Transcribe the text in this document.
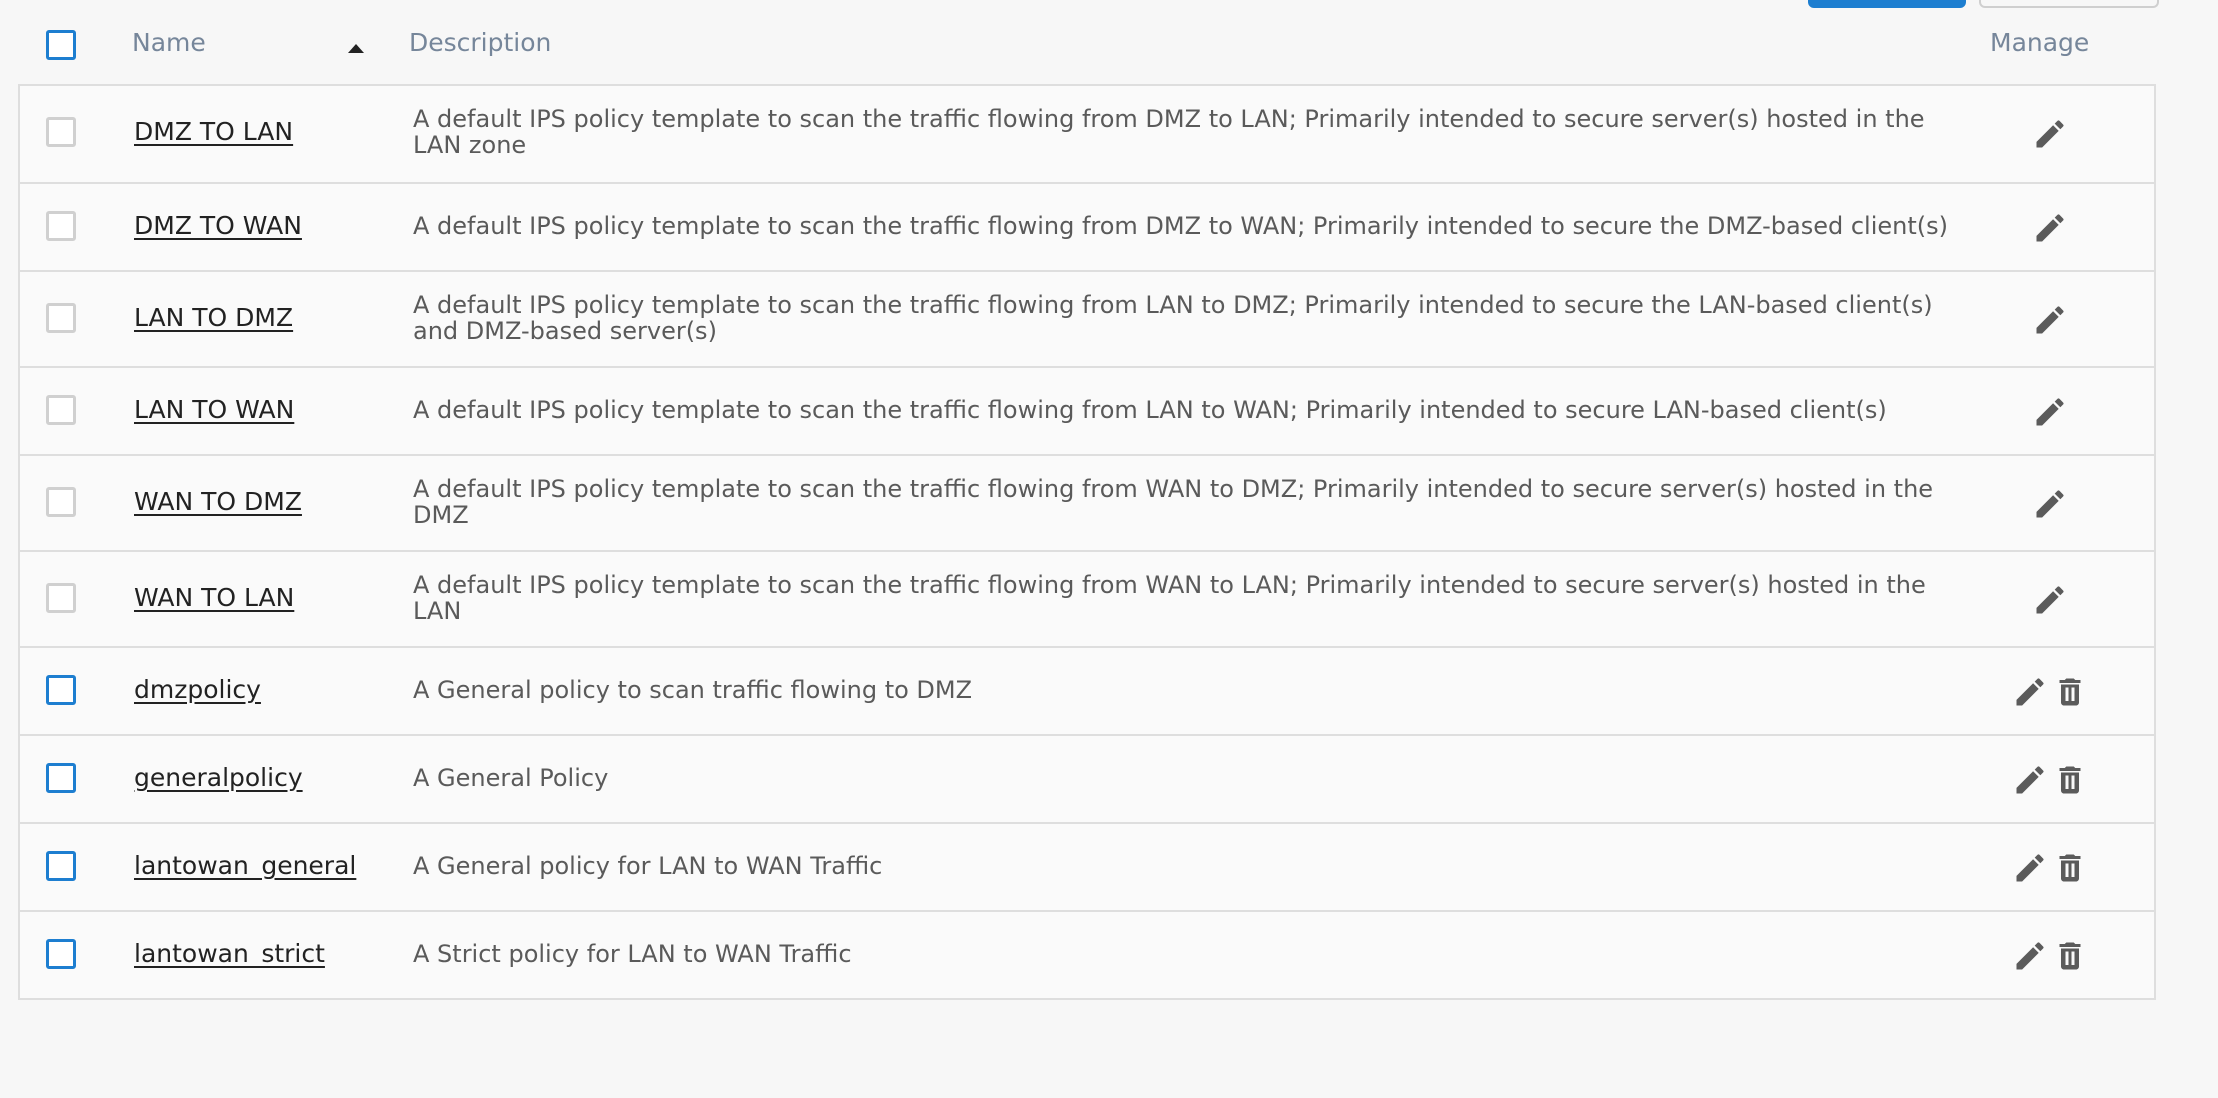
Name	Description	Manage
DMZ TO LAN	A default IPS policy template to scan the traffic flowing from DMZ to LAN; Primarily intended to secure server(s) hosted in the LAN zone
DMZ TO WAN	A default IPS policy template to scan the traffic flowing from DMZ to WAN; Primarily intended to secure the DMZ-based client(s)
LAN TO DMZ	A default IPS policy template to scan the traffic flowing from LAN to DMZ; Primarily intended to secure the LAN-based client(s) and DMZ-based server(s)
LAN TO WAN	A default IPS policy template to scan the traffic flowing from LAN to WAN; Primarily intended to secure LAN-based client(s)
WAN TO DMZ	A default IPS policy template to scan the traffic flowing from WAN to DMZ; Primarily intended to secure server(s) hosted in the DMZ
WAN TO LAN	A default IPS policy template to scan the traffic flowing from WAN to LAN; Primarily intended to secure server(s) hosted in the LAN
dmzpolicy	A General policy to scan traffic flowing to DMZ
generalpolicy	A General Policy
lantowan_general A General policy for LAN to WAN Traffic
lantowan_strict	A Strict policy for LAN to WAN Traffic
